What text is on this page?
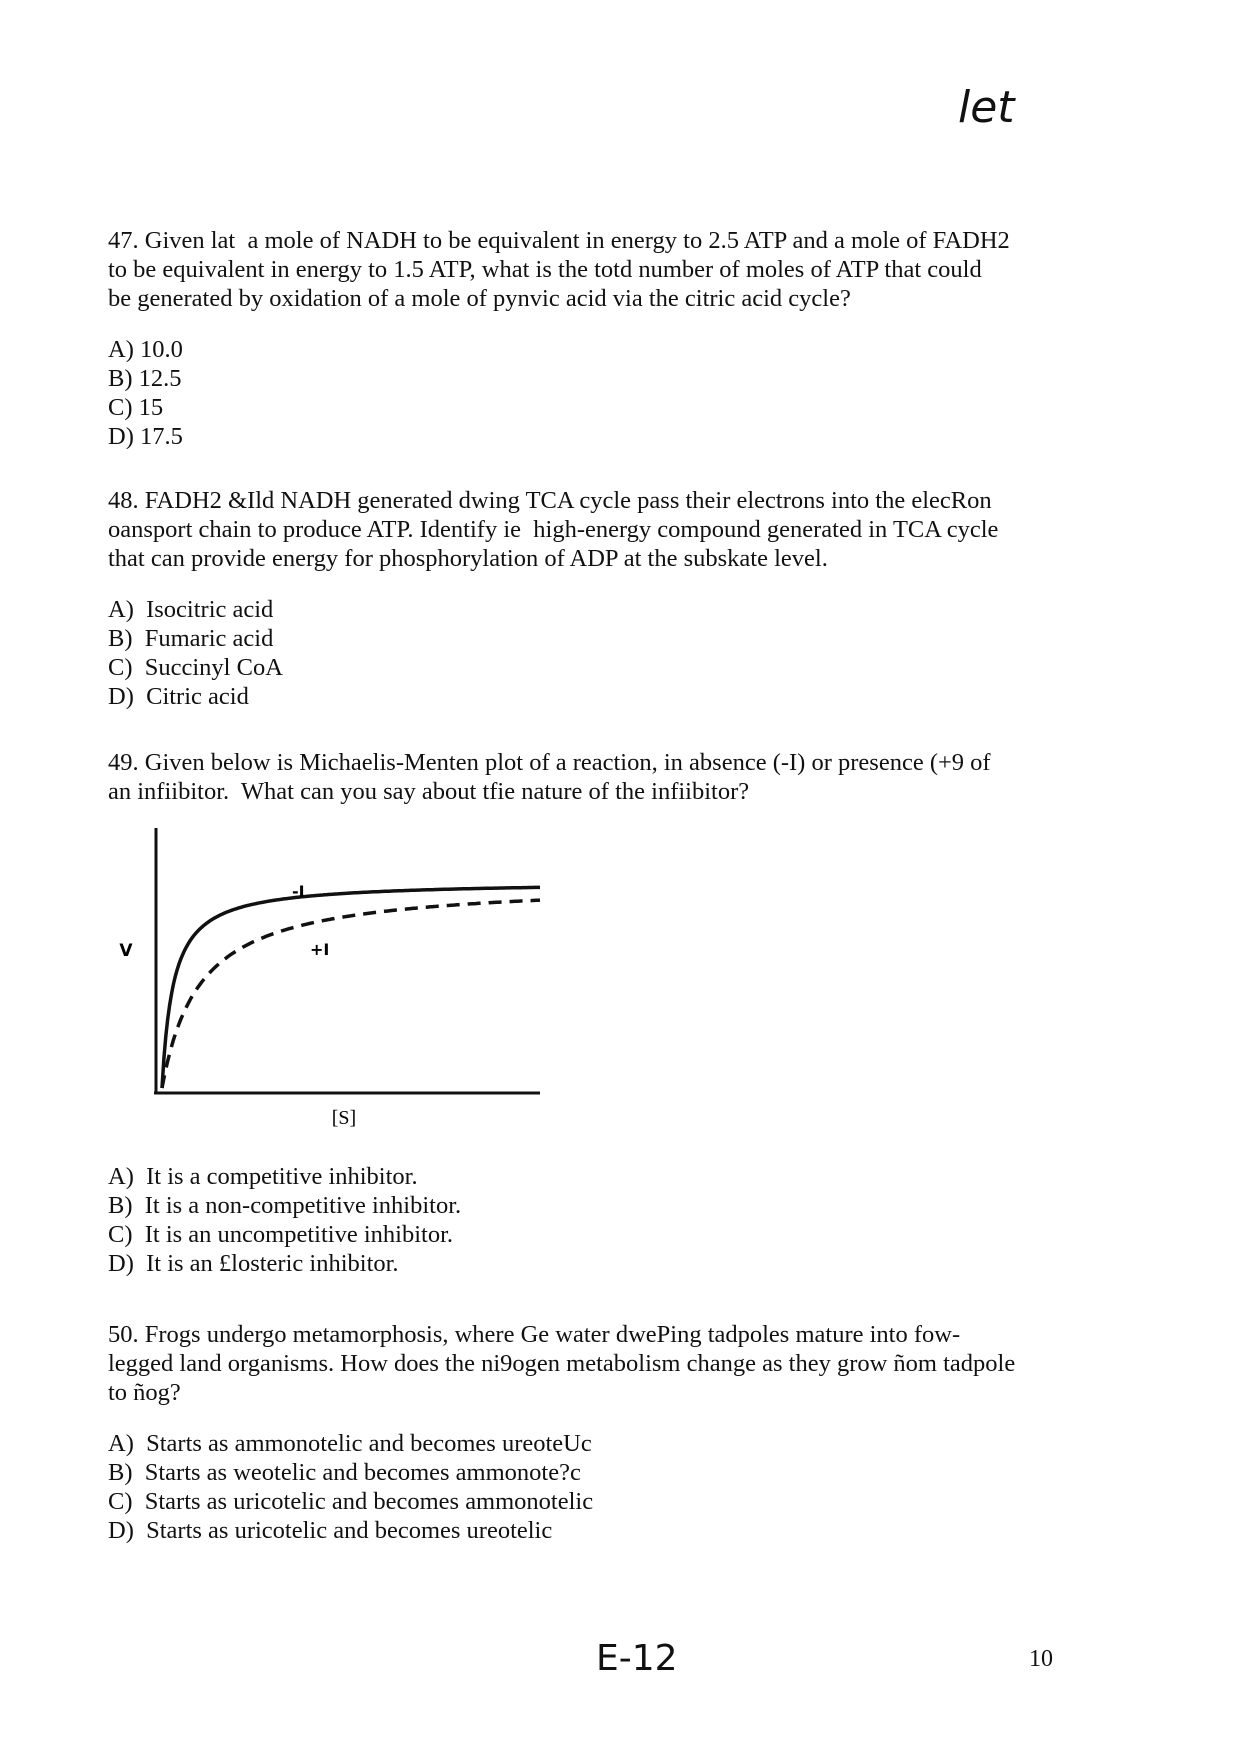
let

47. Given lat  a mole of NADH to be equivalent in energy to 2.5 ATP and a mole of FADH2

to be equivalent in energy to 1.5 ATP, what is the totd number of moles of ATP that could

be generated by oxidation of a mole of pynvic acid via the citric acid cycle?

A) 10.0
B) 12.5
C) 15
D) 17.5

48. FADH2 &Ild NADH generated dwing TCA cycle pass their electrons into the elecRon

oansport chain to produce ATP. Identify ie  high-energy compound generated in TCA cycle

that can provide energy for phosphorylation of ADP at the subskate level.

A)  Isocitric acid
B)  Fumaric acid
C)  Succinyl CoA
D)  Citric acid

49. Given below is Michaelis-Menten plot of a reaction, in absence (-I) or presence (+9 of

an infiibitor.  What can you say about tfie nature of the infiibitor?

V
[S]
-I
+I
A)  It is a competitive inhibitor.
B)  It is a non-competitive inhibitor.
C)  It is an uncompetitive inhibitor.
D)  It is an £losteric inhibitor.

50. Frogs undergo metamorphosis, where Ge water dwePing tadpoles mature into fow-

legged land organisms. How does the ni9ogen metabolism change as they grow ñom tadpole

to ñog?

A)  Starts as ammonotelic and becomes ureoteUc
B)  Starts as weotelic and becomes ammonote?c
C)  Starts as uricotelic and becomes ammonotelic
D)  Starts as uricotelic and becomes ureotelic
E-12	10
